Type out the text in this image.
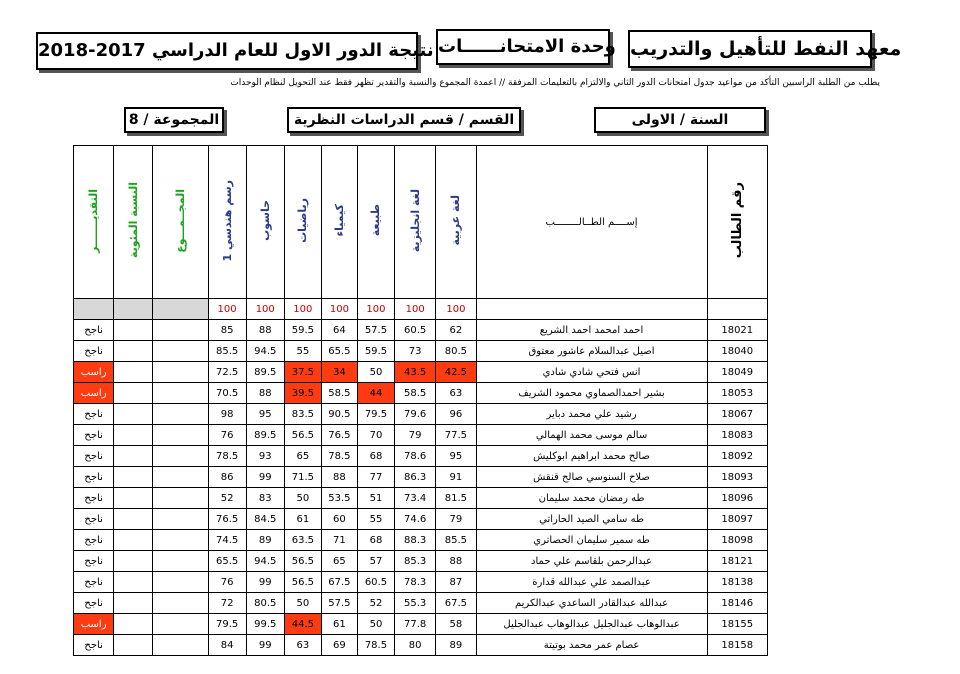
معهد النفط للتأهيل والتدريب
وحدة الامتحانــــــات
نتيجة الدور الاول للعام الدراسي 2017-2018
يطلب من الطلبة الراسبين التأكد من مواعيد جدول امتحانات الدور الثاني والالتزام بالتعليمات المرفقة // اعمدة المجموع والنسبة والتقدير تظهر فقط عند التحويل لنظام الوحدات
السنة / الاولى
القسم / قسم الدراسات النظرية
المجموعة / 8
التقديـــــــر	النسبة المئوية	المجــمـــوع	رسم هندسي 1	حاسوب	رياضيات	كيمياء	طبيعة	لغة انجليزية	لغة عربية	إســــم الطــالــــــــب	رقم الطالب
			100	100	100	100	100	100	100		
ناجح			85	88	59.5	64	57.5	60.5	62	احمد امحمد احمد الشريع	18021
ناجح			85.5	94.5	55	65.5	59.5	73	80.5	اصيل عبدالسلام عاشور معتوق	18040
راسب			72.5	89.5	37.5	34	50	43.5	42.5	انس فتحي شادي شادي	18049
راسب			70.5	88	39.5	58.5	44	58.5	63	بشير احمدالصماوي محمود الشريف	18053
ناجح			98	95	83.5	90.5	79.5	79.6	96	رشيد علي محمد دباير	18067
ناجح			76	89.5	56.5	76.5	70	79	77.5	سالم موسى محمد الهمالي	18083
ناجح			78.5	93	65	78.5	68	78.6	95	صالح محمد ابراهيم ابوكليش	18092
ناجح			86	99	71.5	88	77	86.3	91	صلاح السنوسي صالح قنقش	18093
ناجح			52	83	50	53.5	51	73.4	81.5	طه رمضان محمد سليمان	18096
ناجح			76.5	84.5	61	60	55	74.6	79	طه سامي الصيد الحاراتي	18097
ناجح			74.5	89	63.5	71	68	88.3	85.5	طه سمير سليمان الحصاتري	18098
ناجح			65.5	94.5	56.5	65	57	85.3	88	عبدالرحمن بلقاسم علي حماد	18121
ناجح			76	99	56.5	67.5	60.5	78.3	87	عبدالصمد علي عبدالله قدارة	18138
ناجح			72	80.5	50	57.5	52	55.3	67.5	عبدالله عبدالقادر الساعدي عبدالكريم	18146
راسب			79.5	99.5	44.5	61	50	77.8	58	عبدالوهاب عبدالجليل عبدالوهاب عبدالجليل	18155
ناجح			84	99	63	69	78.5	80	89	عصام عمر محمد بوتيتة	18158
